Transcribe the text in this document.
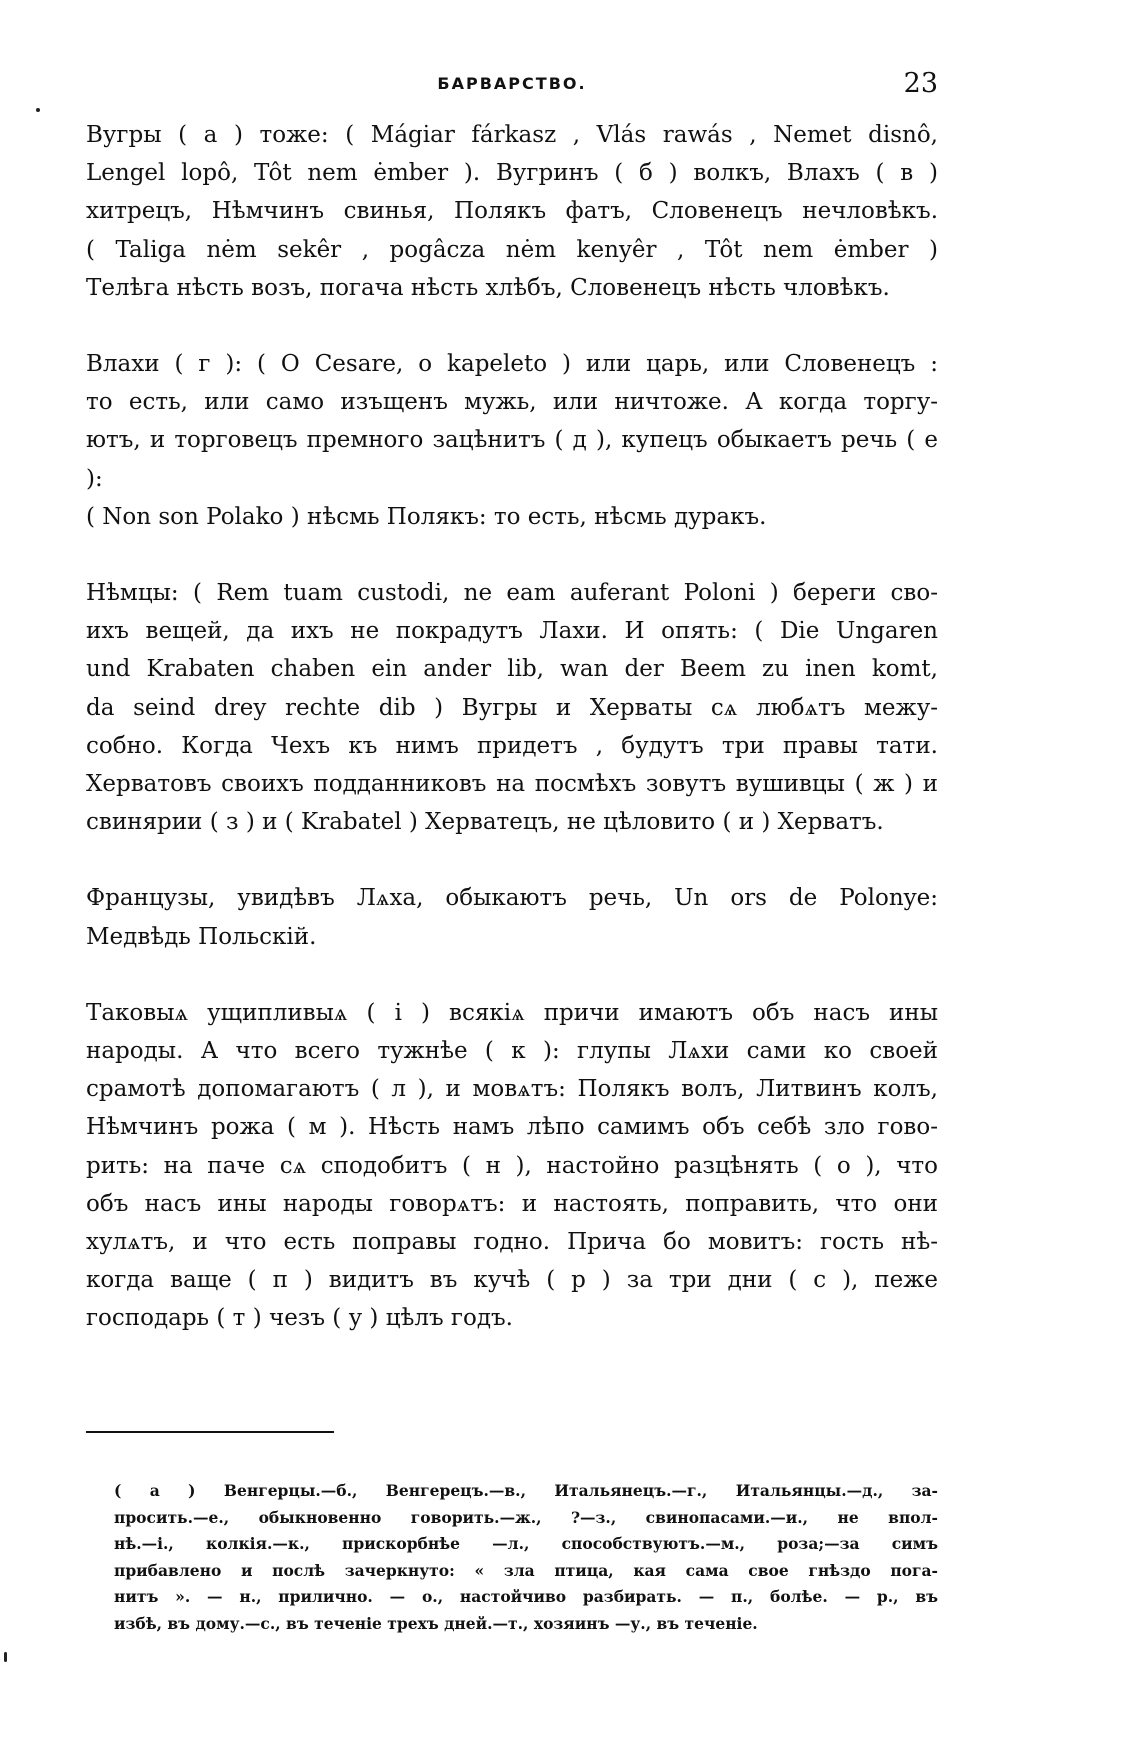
БАРВАРСТВО.	23

Вугры ( а ) тоже: ( Mágiar fárkasz , Vlás rawás , Nemet disnô,
Lengel lopô, Tôt nem ėmber ). Вугринъ ( б ) волкъ, Влахъ ( в )
хитрецъ, Нѣмчинъ свинья, Полякъ фатъ, Словенецъ нечловѣкъ.
( Taliga nėm sekêr , pogâcza nėm kenyêr , Tôt nem ėmber )
Телѣга нѣсть возъ, погача нѣсть хлѣбъ, Словенецъ нѣсть чловѣкъ.

Влахи ( г ): ( O Cesare, o kapeleto ) или царь, или Словенецъ :
то есть, или само изъщенъ мужь, или ничтоже. А когда торгу-
ютъ, и торговецъ премного зацѣнитъ ( д ), купецъ обыкаетъ речь ( е ):
( Non son Polako ) нѣсмь Полякъ: то есть, нѣсмь дуракъ.

Нѣмцы: ( Rem tuam custodi, ne eam auferant Poloni ) береги сво-
ихъ вещей, да ихъ не покрадутъ Лахи. И опять: ( Die Ungaren
und Krabaten chaben ein ander lib, wan der Beem zu inen komt,
da seind drey rechte dib ) Вугры и Херваты сѧ любѧтъ межу-
собно. Когда Чехъ къ нимъ придетъ , будутъ три правы тати.
Херватовъ своихъ подданниковъ на посмѣхъ зовутъ вушивцы ( ж ) и
свинярии ( з ) и ( Krabatel ) Херватецъ, не цѣловито ( и ) Херватъ.

Французы, увидѣвъ Лѧха, обыкаютъ речь, Un ors de Polonye:
Медвѣдь Польскій.

Таковыѧ ущипливыѧ ( і ) всякіѧ причи имаютъ объ насъ ины
народы. А что всего тужнѣе ( к ): глупы Лѧхи сами ко своей
срамотѣ допомагаютъ ( л ), и мовѧтъ: Полякъ волъ, Литвинъ колъ,
Нѣмчинъ рожа ( м ). Нѣсть намъ лѣпо самимъ объ себѣ зло гово-
рить: на паче сѧ сподобитъ ( н ), настойно разцѣнять ( о ), что
объ насъ ины народы говорѧтъ: и настоять, поправить, что они
хулѧтъ, и что есть поправы годно. Причa бо мовитъ: гость нѣ-
когда ваще ( п ) видитъ въ кучѣ ( р ) за три дни ( с ), пеже
господарь ( т ) чезъ ( у ) цѣлъ годъ.

( а ) Венгерцы.—б., Венгерецъ.—в., Итальянецъ.—г., Итальянцы.—д., за-
просить.—е., обыкновенно говорить.—ж., ?—з., свинопасами.—и., не впол-
нѣ.—і., колкія.—к., прискорбнѣе —л., способствуютъ.—м., роза;—за симъ
прибавлено и послѣ зачеркнуто: « зла птица, кая сама свое гнѣздо пога-
нитъ ». — н., прилично. — о., настойчиво разбирать. — п., болѣе. — р., въ
избѣ, въ дому.—с., въ теченіе трехъ дней.—т., хозяинъ —у., въ теченіе.
